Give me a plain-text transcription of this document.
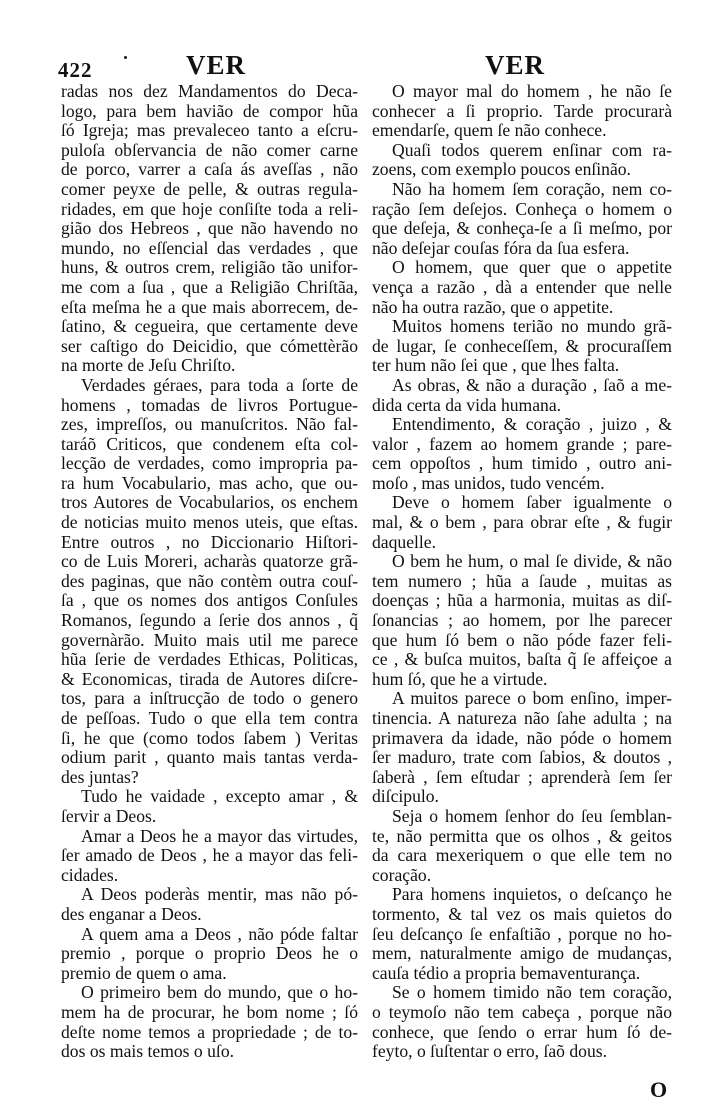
422	VER	VER
radas nos dez Mandamentos do Deca-
logo, para bem havião de compor hũa
ſó Igreja; mas prevaleceo tanto a eſcru-
puloſa obſervancia de não comer carne
de porco, varrer a caſa ás aveſſas , não
comer peyxe de pelle, & outras regula-
ridades, em que hoje conſiſte toda a reli-
gião dos Hebreos , que não havendo no
mundo, no eſſencial das verdades , que
huns, & outros crem, religião tão unifor-
me com a ſua , que a Religião Chriſtãa,
eſta meſma he a que mais aborrecem, de-
ſatino, & cegueira, que certamente deve
ser caſtigo do Deicidio, que cómettèrão
na morte de Jeſu Chriſto.
Verdades géraes, para toda a ſorte de
homens , tomadas de livros Portugue-
zes, impreſſos, ou manuſcritos. Não fal-
taráõ Criticos, que condenem eſta col-
lecção de verdades, como impropria pa-
ra hum Vocabulario, mas acho, que ou-
tros Autores de Vocabularios, os enchem
de noticias muito menos uteis, que eſtas.
Entre outros , no Diccionario Hiſtori-
co de Luis Moreri, acharàs quatorze grã-
des paginas, que não contèm outra couſ-
ſa , que os nomes dos antigos Conſules
Romanos, ſegundo a ſerie dos annos , q̃
governàrão. Muito mais util me parece
hũa ſerie de verdades Ethicas, Politicas,
& Economicas, tirada de Autores diſcre-
tos, para a inſtrucção de todo o genero
de peſſoas. Tudo o que ella tem contra
ſi, he que (como todos ſabem ) Veritas
odium parit , quanto mais tantas verda-
des juntas?
Tudo he vaidade , excepto amar , &
ſervir a Deos.
Amar a Deos he a mayor das virtudes,
ſer amado de Deos , he a mayor das feli-
cidades.
A Deos poderàs mentir, mas não pó-
des enganar a Deos.
A quem ama a Deos , não póde faltar
premio , porque o proprio Deos he o
premio de quem o ama.
O primeiro bem do mundo, que o ho-
mem ha de procurar, he bom nome ; ſó
deſte nome temos a propriedade ; de to-
dos os mais temos o uſo.
O mayor mal do homem , he não ſe
conhecer a ſi proprio. Tarde procurarà
emendarſe, quem ſe não conhece.
Quaſi todos querem enſinar com ra-
zoens, com exemplo poucos enſinão.
Não ha homem ſem coração, nem co-
ração ſem deſejos. Conheça o homem o
que deſeja, & conheça-ſe a ſi meſmo, por
não deſejar couſas fóra da ſua esfera.
O homem, que quer que o appetite
vença a razão , dà a entender que nelle
não ha outra razão, que o appetite.
Muitos homens terião no mundo grã-
de lugar, ſe conheceſſem, & procuraſſem
ter hum não ſei que , que lhes falta.
As obras, & não a duração , ſaõ a me-
dida certa da vida humana.
Entendimento, & coração , juizo , &
valor , fazem ao homem grande ; pare-
cem oppoſtos , hum timido , outro ani-
moſo , mas unidos, tudo vencém.
Deve o homem ſaber igualmente o
mal, & o bem , para obrar eſte , & fugir
daquelle.
O bem he hum, o mal ſe divide, & não
tem numero ; hũa a ſaude , muitas as
doenças ; hũa a harmonia, muitas as diſ-
ſonancias ; ao homem, por lhe parecer
que hum ſó bem o não póde fazer feli-
ce , & buſca muitos, baſta q̃ ſe affeiçoe a
hum ſó, que he a virtude.
A muitos parece o bom enſino, imper-
tinencia. A natureza não ſahe adulta ; na
primavera da idade, não póde o homem
ſer maduro, trate com ſabios, & doutos ,
ſaberà , ſem eſtudar ; aprenderà ſem ſer
diſcipulo.
Seja o homem ſenhor do ſeu ſemblan-
te, não permitta que os olhos , & geitos
da cara mexeriquem o que elle tem no
coração.
Para homens inquietos, o deſcanço he
tormento, & tal vez os mais quietos do
ſeu deſcanço ſe enfaſtião , porque no ho-
mem, naturalmente amigo de mudanças,
cauſa tédio a propria bemaventurança.
Se o homem timido não tem coração,
o teymoſo não tem cabeça , porque não
conhece, que ſendo o errar hum ſó de-
feyto, o ſuſtentar o erro, ſaõ dous.
O
